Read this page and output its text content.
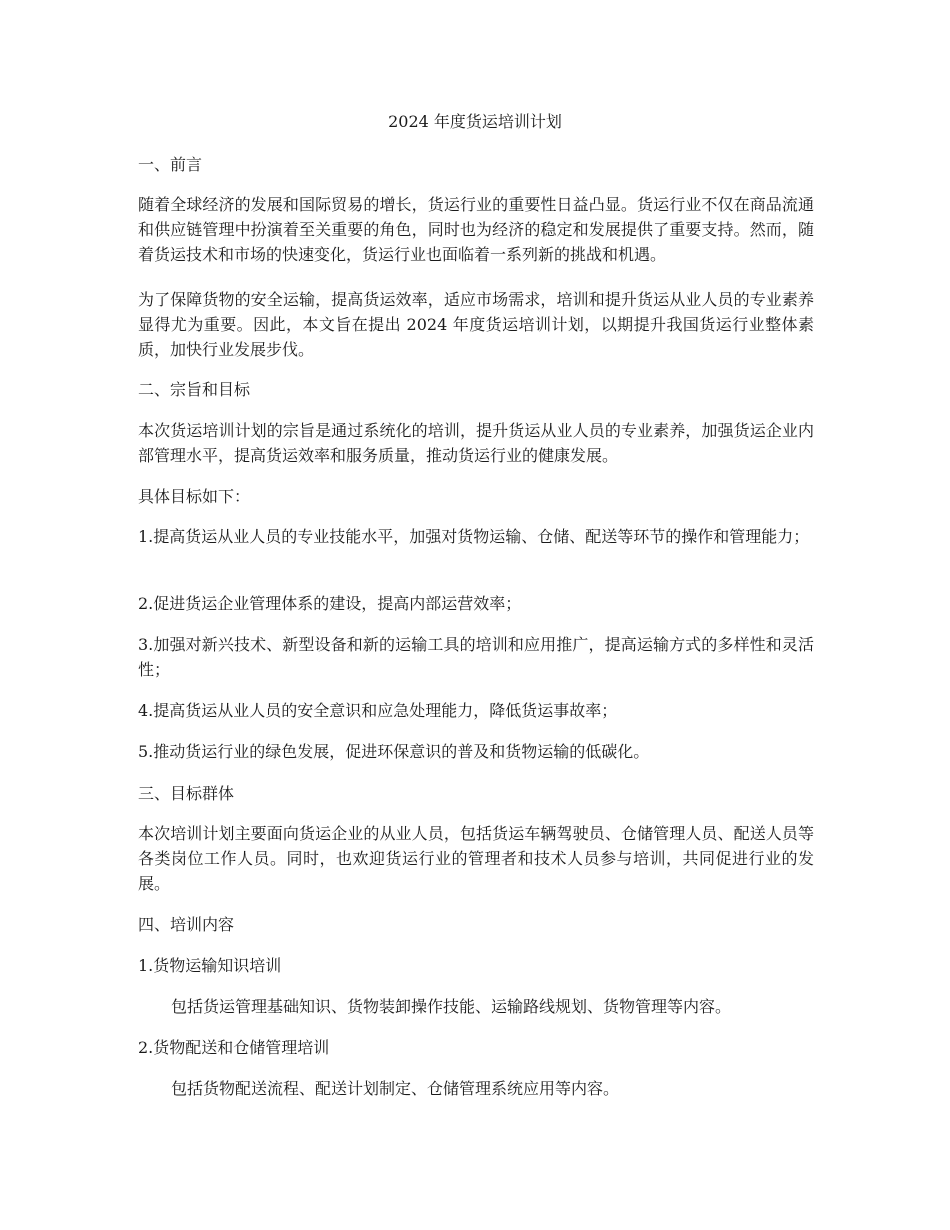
2024 年度货运培训计划
一、前言
随着全球经济的发展和国际贸易的增长，货运行业的重要性日益凸显。货运行业不仅在商品流通和供应链管理中扮演着至关重要的角色，同时也为经济的稳定和发展提供了重要支持。然而，随着货运技术和市场的快速变化，货运行业也面临着一系列新的挑战和机遇。
为了保障货物的安全运输，提高货运效率，适应市场需求，培训和提升货运从业人员的专业素养显得尤为重要。因此，本文旨在提出 2024 年度货运培训计划，以期提升我国货运行业整体素质，加快行业发展步伐。
二、宗旨和目标
本次货运培训计划的宗旨是通过系统化的培训，提升货运从业人员的专业素养，加强货运企业内部管理水平，提高货运效率和服务质量，推动货运行业的健康发展。
具体目标如下：
1.提高货运从业人员的专业技能水平，加强对货物运输、仓储、配送等环节的操作和管理能力；
2.促进货运企业管理体系的建设，提高内部运营效率；
3.加强对新兴技术、新型设备和新的运输工具的培训和应用推广，提高运输方式的多样性和灵活性；
4.提高货运从业人员的安全意识和应急处理能力，降低货运事故率；
5.推动货运行业的绿色发展，促进环保意识的普及和货物运输的低碳化。
三、目标群体
本次培训计划主要面向货运企业的从业人员，包括货运车辆驾驶员、仓储管理人员、配送人员等各类岗位工作人员。同时，也欢迎货运行业的管理者和技术人员参与培训，共同促进行业的发展。
四、培训内容
1.货物运输知识培训
包括货运管理基础知识、货物装卸操作技能、运输路线规划、货物管理等内容。
2.货物配送和仓储管理培训
包括货物配送流程、配送计划制定、仓储管理系统应用等内容。
